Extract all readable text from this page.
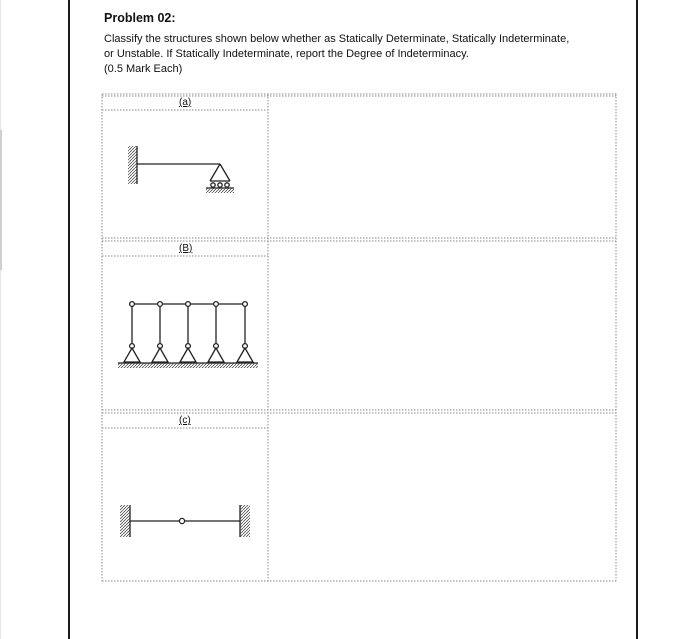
Problem 02:
Classify the structures shown below whether as Statically Determinate, Statically Indeterminate,
or Unstable. If Statically Indeterminate, report the Degree of Indeterminacy.
(0.5 Mark Each)
(a)
(B)
(c)
